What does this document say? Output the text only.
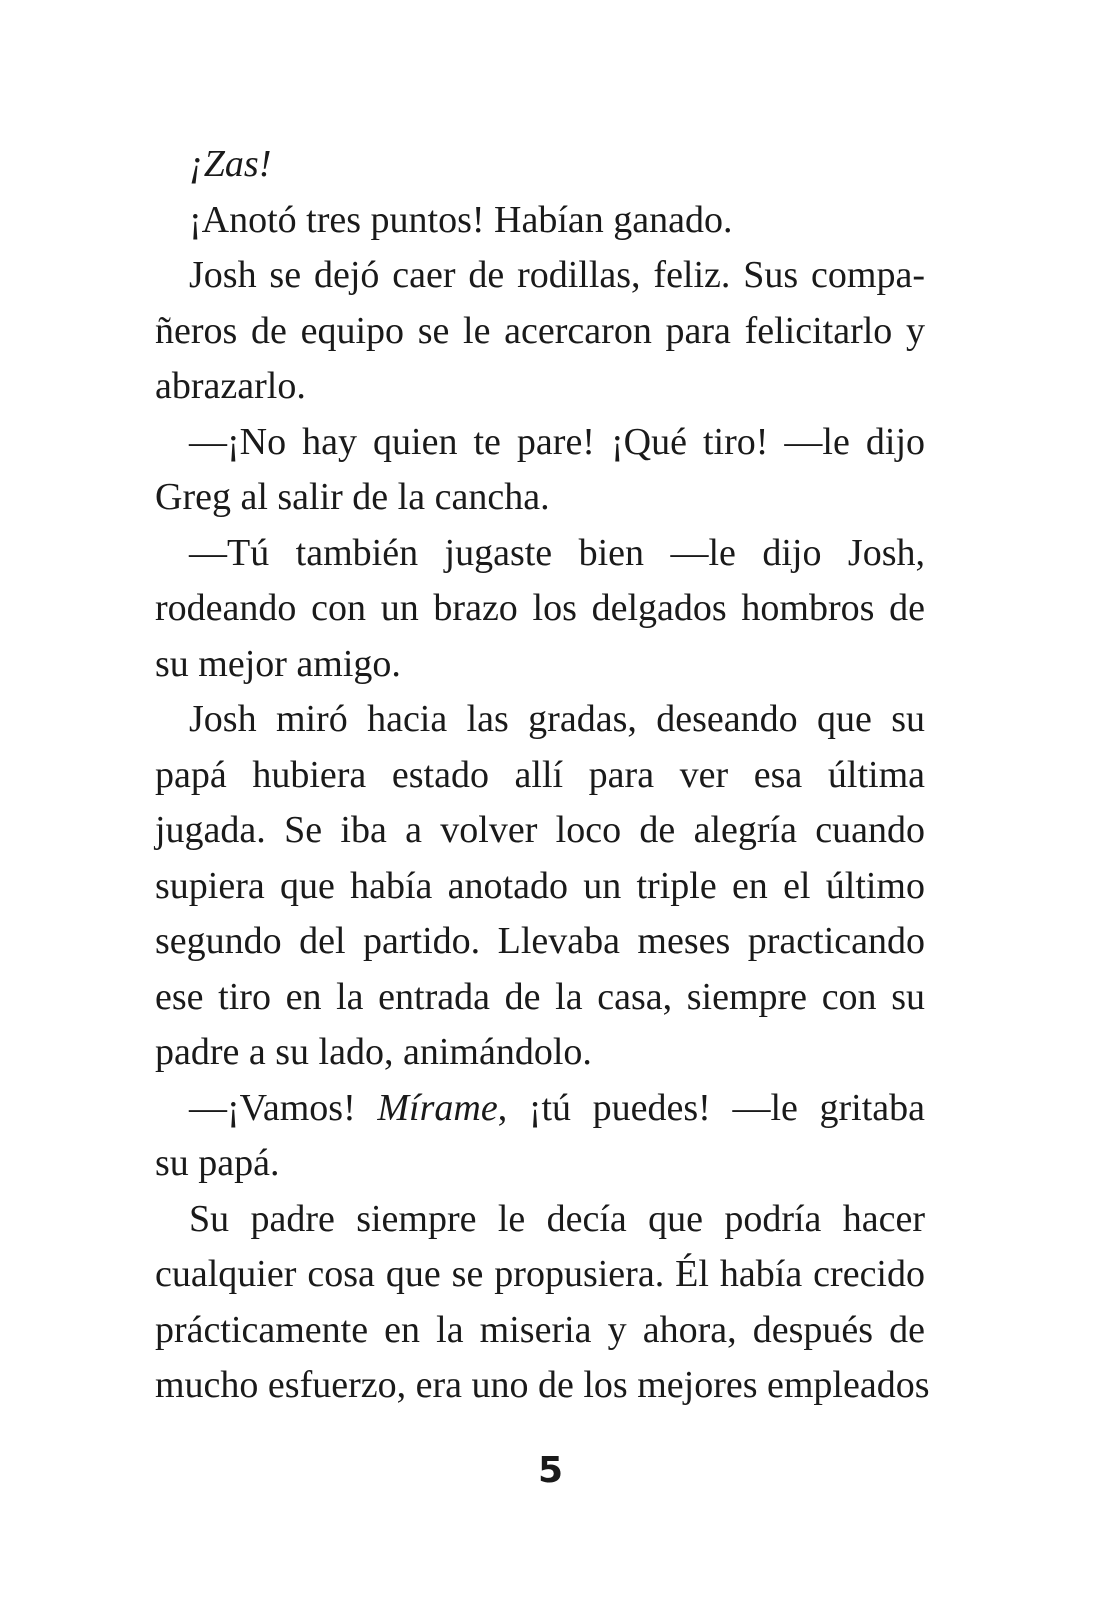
¡Zas!
¡Anotó tres puntos! Habían ganado.
Josh se dejó caer de rodillas, feliz. Sus compa-
ñeros de equipo se le acercaron para felicitarlo y
abrazarlo.
—¡No hay quien te pare! ¡Qué tiro! —le dijo
Greg al salir de la cancha.
—Tú también jugaste bien —le dijo Josh,
rodeando con un brazo los delgados hombros de
su mejor amigo.
Josh miró hacia las gradas, deseando que su
papá hubiera estado allí para ver esa última
jugada. Se iba a volver loco de alegría cuando
supiera que había anotado un triple en el último
segundo del partido. Llevaba meses practicando
ese tiro en la entrada de la casa, siempre con su
padre a su lado, animándolo.
—¡Vamos! Mírame, ¡tú puedes! —le gritaba
su papá.
Su padre siempre le decía que podría hacer
cualquier cosa que se propusiera. Él había crecido
prácticamente en la miseria y ahora, después de
mucho esfuerzo, era uno de los mejores empleados
5
